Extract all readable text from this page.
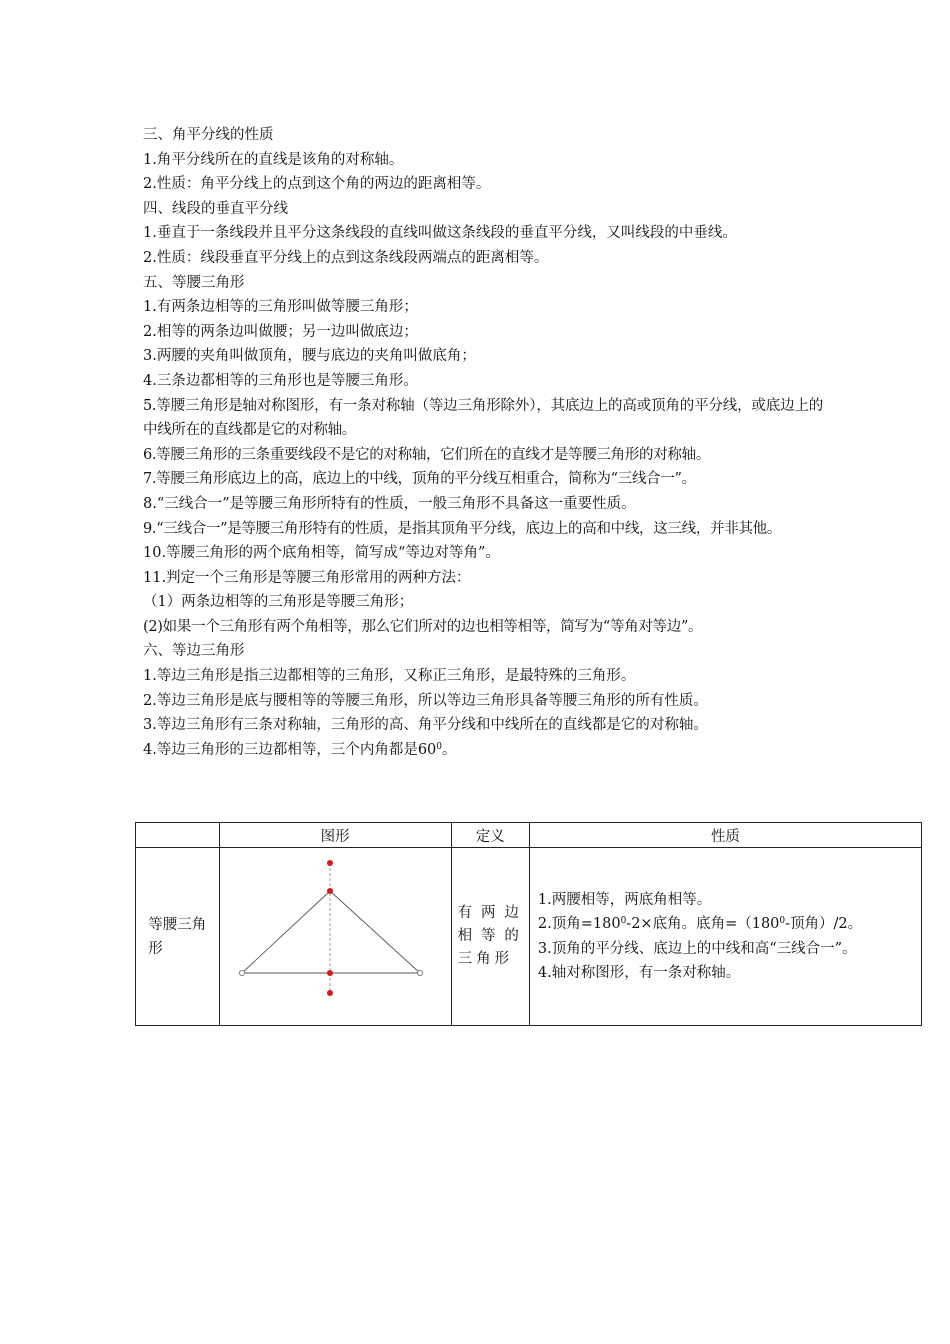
三、角平分线的性质
1.角平分线所在的直线是该角的对称轴。
2.性质：角平分线上的点到这个角的两边的距离相等。
四、线段的垂直平分线
1.垂直于一条线段并且平分这条线段的直线叫做这条线段的垂直平分线，又叫线段的中垂线。
2.性质：线段垂直平分线上的点到这条线段两端点的距离相等。
五、等腰三角形
1.有两条边相等的三角形叫做等腰三角形；
2.相等的两条边叫做腰；另一边叫做底边；
3.两腰的夹角叫做顶角，腰与底边的夹角叫做底角；
4.三条边都相等的三角形也是等腰三角形。
5.等腰三角形是轴对称图形，有一条对称轴（等边三角形除外），其底边上的高或顶角的平分线，或底边上的中线所在的直线都是它的对称轴。
6.等腰三角形的三条重要线段不是它的对称轴，它们所在的直线才是等腰三角形的对称轴。
7.等腰三角形底边上的高，底边上的中线，顶角的平分线互相重合，简称为“三线合一”。
8.“三线合一”是等腰三角形所特有的性质，一般三角形不具备这一重要性质。
9.“三线合一”是等腰三角形特有的性质，是指其顶角平分线，底边上的高和中线，这三线，并非其他。
10.等腰三角形的两个底角相等，简写成“等边对等角”。
11.判定一个三角形是等腰三角形常用的两种方法：
（1）两条边相等的三角形是等腰三角形；
(2)如果一个三角形有两个角相等，那么它们所对的边也相等相等，简写为“等角对等边”。
六、等边三角形
1.等边三角形是指三边都相等的三角形，又称正三角形，是最特殊的三角形。
2.等边三角形是底与腰相等的等腰三角形，所以等边三角形具备等腰三角形的所有性质。
3.等边三角形有三条对称轴，三角形的高、角平分线和中线所在的直线都是它的对称轴。
4.等边三角形的三边都相等，三个内角都是$60^0$。
	图形	定义	性质

等腰三角形		有两边相等的三角形	1.两腰相等，两底角相等。
2.顶角$=180^0-2\times$底角。底角$=(180^0-$顶角）/2。
3.顶角的平分线、底边上的中线和高“三线合一”。
4.轴对称图形，有一条对称轴。
